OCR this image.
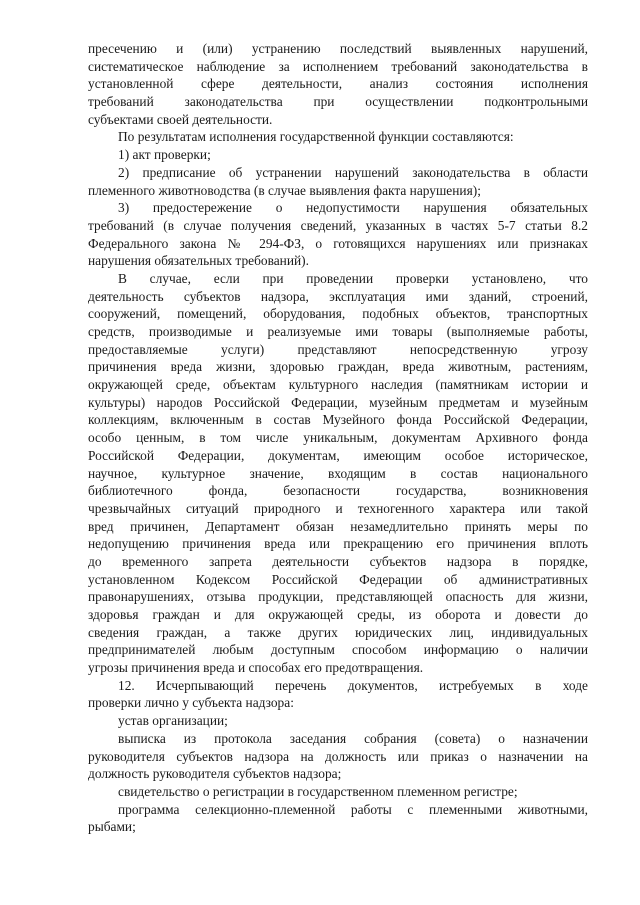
пресечению и (или) устранению последствий выявленных нарушений,
систематическое наблюдение за исполнением требований законодательства в
установленной сфере деятельности, анализ состояния исполнения
требований законодательства при осуществлении подконтрольными
субъектами своей деятельности.
По результатам исполнения государственной функции составляются:
1) акт проверки;
2) предписание об устранении нарушений законодательства в области
племенного животноводства (в случае выявления факта нарушения);
3) предостережение о недопустимости нарушения обязательных
требований (в случае получения сведений, указанных в частях 5-7 статьи 8.2
Федерального закона № 294-ФЗ, о готовящихся нарушениях или признаках
нарушения обязательных требований).
В случае, если при проведении проверки установлено, что
деятельность субъектов надзора, эксплуатация ими зданий, строений,
сооружений, помещений, оборудования, подобных объектов, транспортных
средств, производимые и реализуемые ими товары (выполняемые работы,
предоставляемые услуги) представляют непосредственную угрозу
причинения вреда жизни, здоровью граждан, вреда животным, растениям,
окружающей среде, объектам культурного наследия (памятникам истории и
культуры) народов Российской Федерации, музейным предметам и музейным
коллекциям, включенным в состав Музейного фонда Российской Федерации,
особо ценным, в том числе уникальным, документам Архивного фонда
Российской Федерации, документам, имеющим особое историческое,
научное, культурное значение, входящим в состав национального
библиотечного фонда, безопасности государства, возникновения
чрезвычайных ситуаций природного и техногенного характера или такой
вред причинен, Департамент обязан незамедлительно принять меры по
недопущению причинения вреда или прекращению его причинения вплоть
до временного запрета деятельности субъектов надзора в порядке,
установленном Кодексом Российской Федерации об административных
правонарушениях, отзыва продукции, представляющей опасность для жизни,
здоровья граждан и для окружающей среды, из оборота и довести до
сведения граждан, а также других юридических лиц, индивидуальных
предпринимателей любым доступным способом информацию о наличии
угрозы причинения вреда и способах его предотвращения.
12. Исчерпывающий перечень документов, истребуемых в ходе
проверки лично у субъекта надзора:
устав организации;
выписка из протокола заседания собрания (совета) о назначении
руководителя субъектов надзора на должность или приказ о назначении на
должность руководителя субъектов надзора;
свидетельство о регистрации в государственном племенном регистре;
программа селекционно-племенной работы с племенными животными,
рыбами;
